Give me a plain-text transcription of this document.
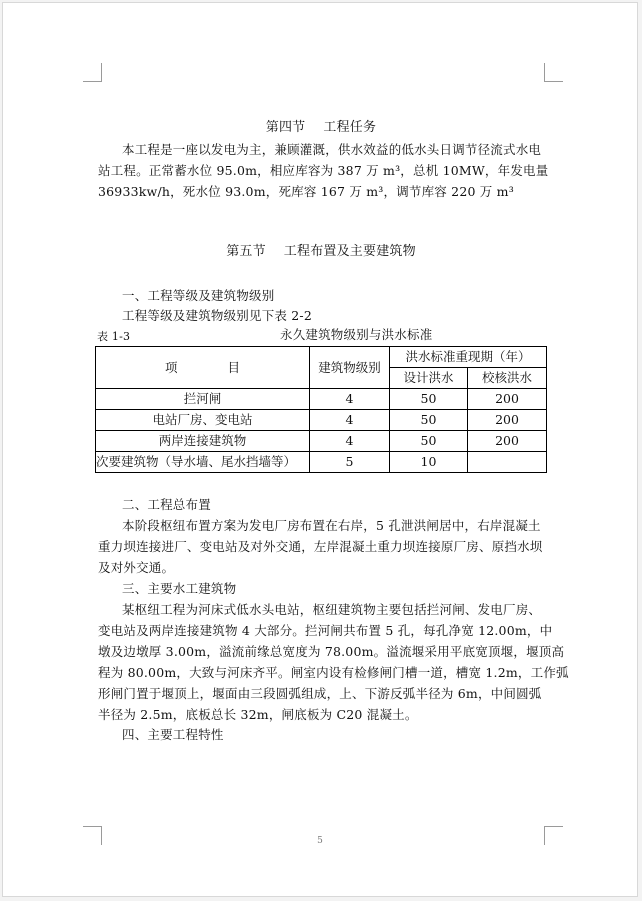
第四节 工程任务
本工程是一座以发电为主，兼顾灌溉，供水效益的低水头日调节径流式水电
站工程。正常蓄水位 95.0m，相应库容为 387 万 m³，总机 10MW，年发电量
36933kw/h，死水位 93.0m，死库容 167 万 m³，调节库容 220 万 m³
第五节 工程布置及主要建筑物
一、工程等级及建筑物级别
工程等级及建筑物级别见下表 2-2
表 1-3	永久建筑物级别与洪水标准
项　　　　目	建筑物级别	洪水标准重现期（年）	
		设计洪水	校核洪水
拦河闸	4	50	200
电站厂房、变电站	4	50	200
两岸连接建筑物	4	50	200
次要建筑物（导水墙、尾水挡墙等）	5	10	
二、工程总布置
本阶段枢纽布置方案为发电厂房布置在右岸，5 孔泄洪闸居中，右岸混凝土
重力坝连接进厂、变电站及对外交通，左岸混凝土重力坝连接原厂房、原挡水坝
及对外交通。
三、主要水工建筑物
某枢纽工程为河床式低水头电站，枢纽建筑物主要包括拦河闸、发电厂房、
变电站及两岸连接建筑物 4 大部分。拦河闸共布置 5 孔，每孔净宽 12.00m，中
墩及边墩厚 3.00m，溢流前缘总宽度为 78.00m。溢流堰采用平底宽顶堰，堰顶高
程为 80.00m，大致与河床齐平。闸室内设有检修闸门槽一道，槽宽 1.2m，工作弧
形闸门置于堰顶上，堰面由三段圆弧组成，上、下游反弧半径为 6m，中间圆弧
半径为 2.5m，底板总长 32m，闸底板为 C20 混凝土。
四、主要工程特性
5
